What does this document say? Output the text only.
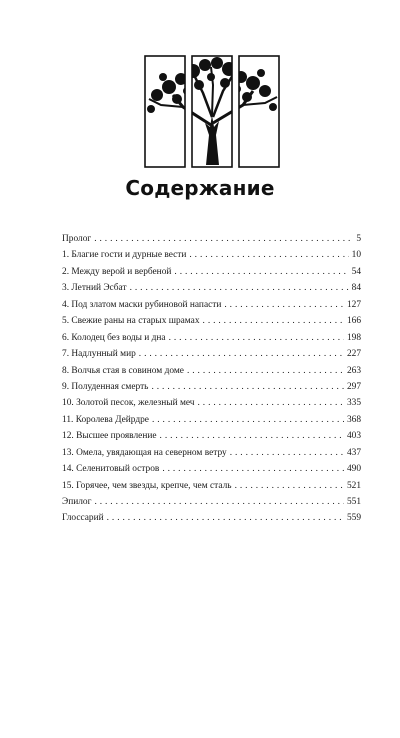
Содержание
Пролог . . .	5
1. Благие гости и дурные вести . . .	10
2. Между верой и вербеной . . .	54
3. Летний Эсбат . . .	84
4. Под златом маски рубиновой напасти . . .	127
5. Свежие раны на старых шрамах . . .	166
6. Колодец без воды и дна . . .	198
7. Надлунный мир . . .	227
8. Волчья стая в совином доме . . .	263
9. Полуденная смерть . . .	297
10. Золотой песок, железный меч . . .	335
11. Королева Дейрдре . . .	368
12. Высшее проявление . . .	403
13. Омела, увядающая на северном ветру . . .	437
14. Селенитовый остров . . .	490
15. Горячее, чем звезды, крепче, чем сталь . . .	521
Эпилог . . .	551
Глоссарий . . .	559
